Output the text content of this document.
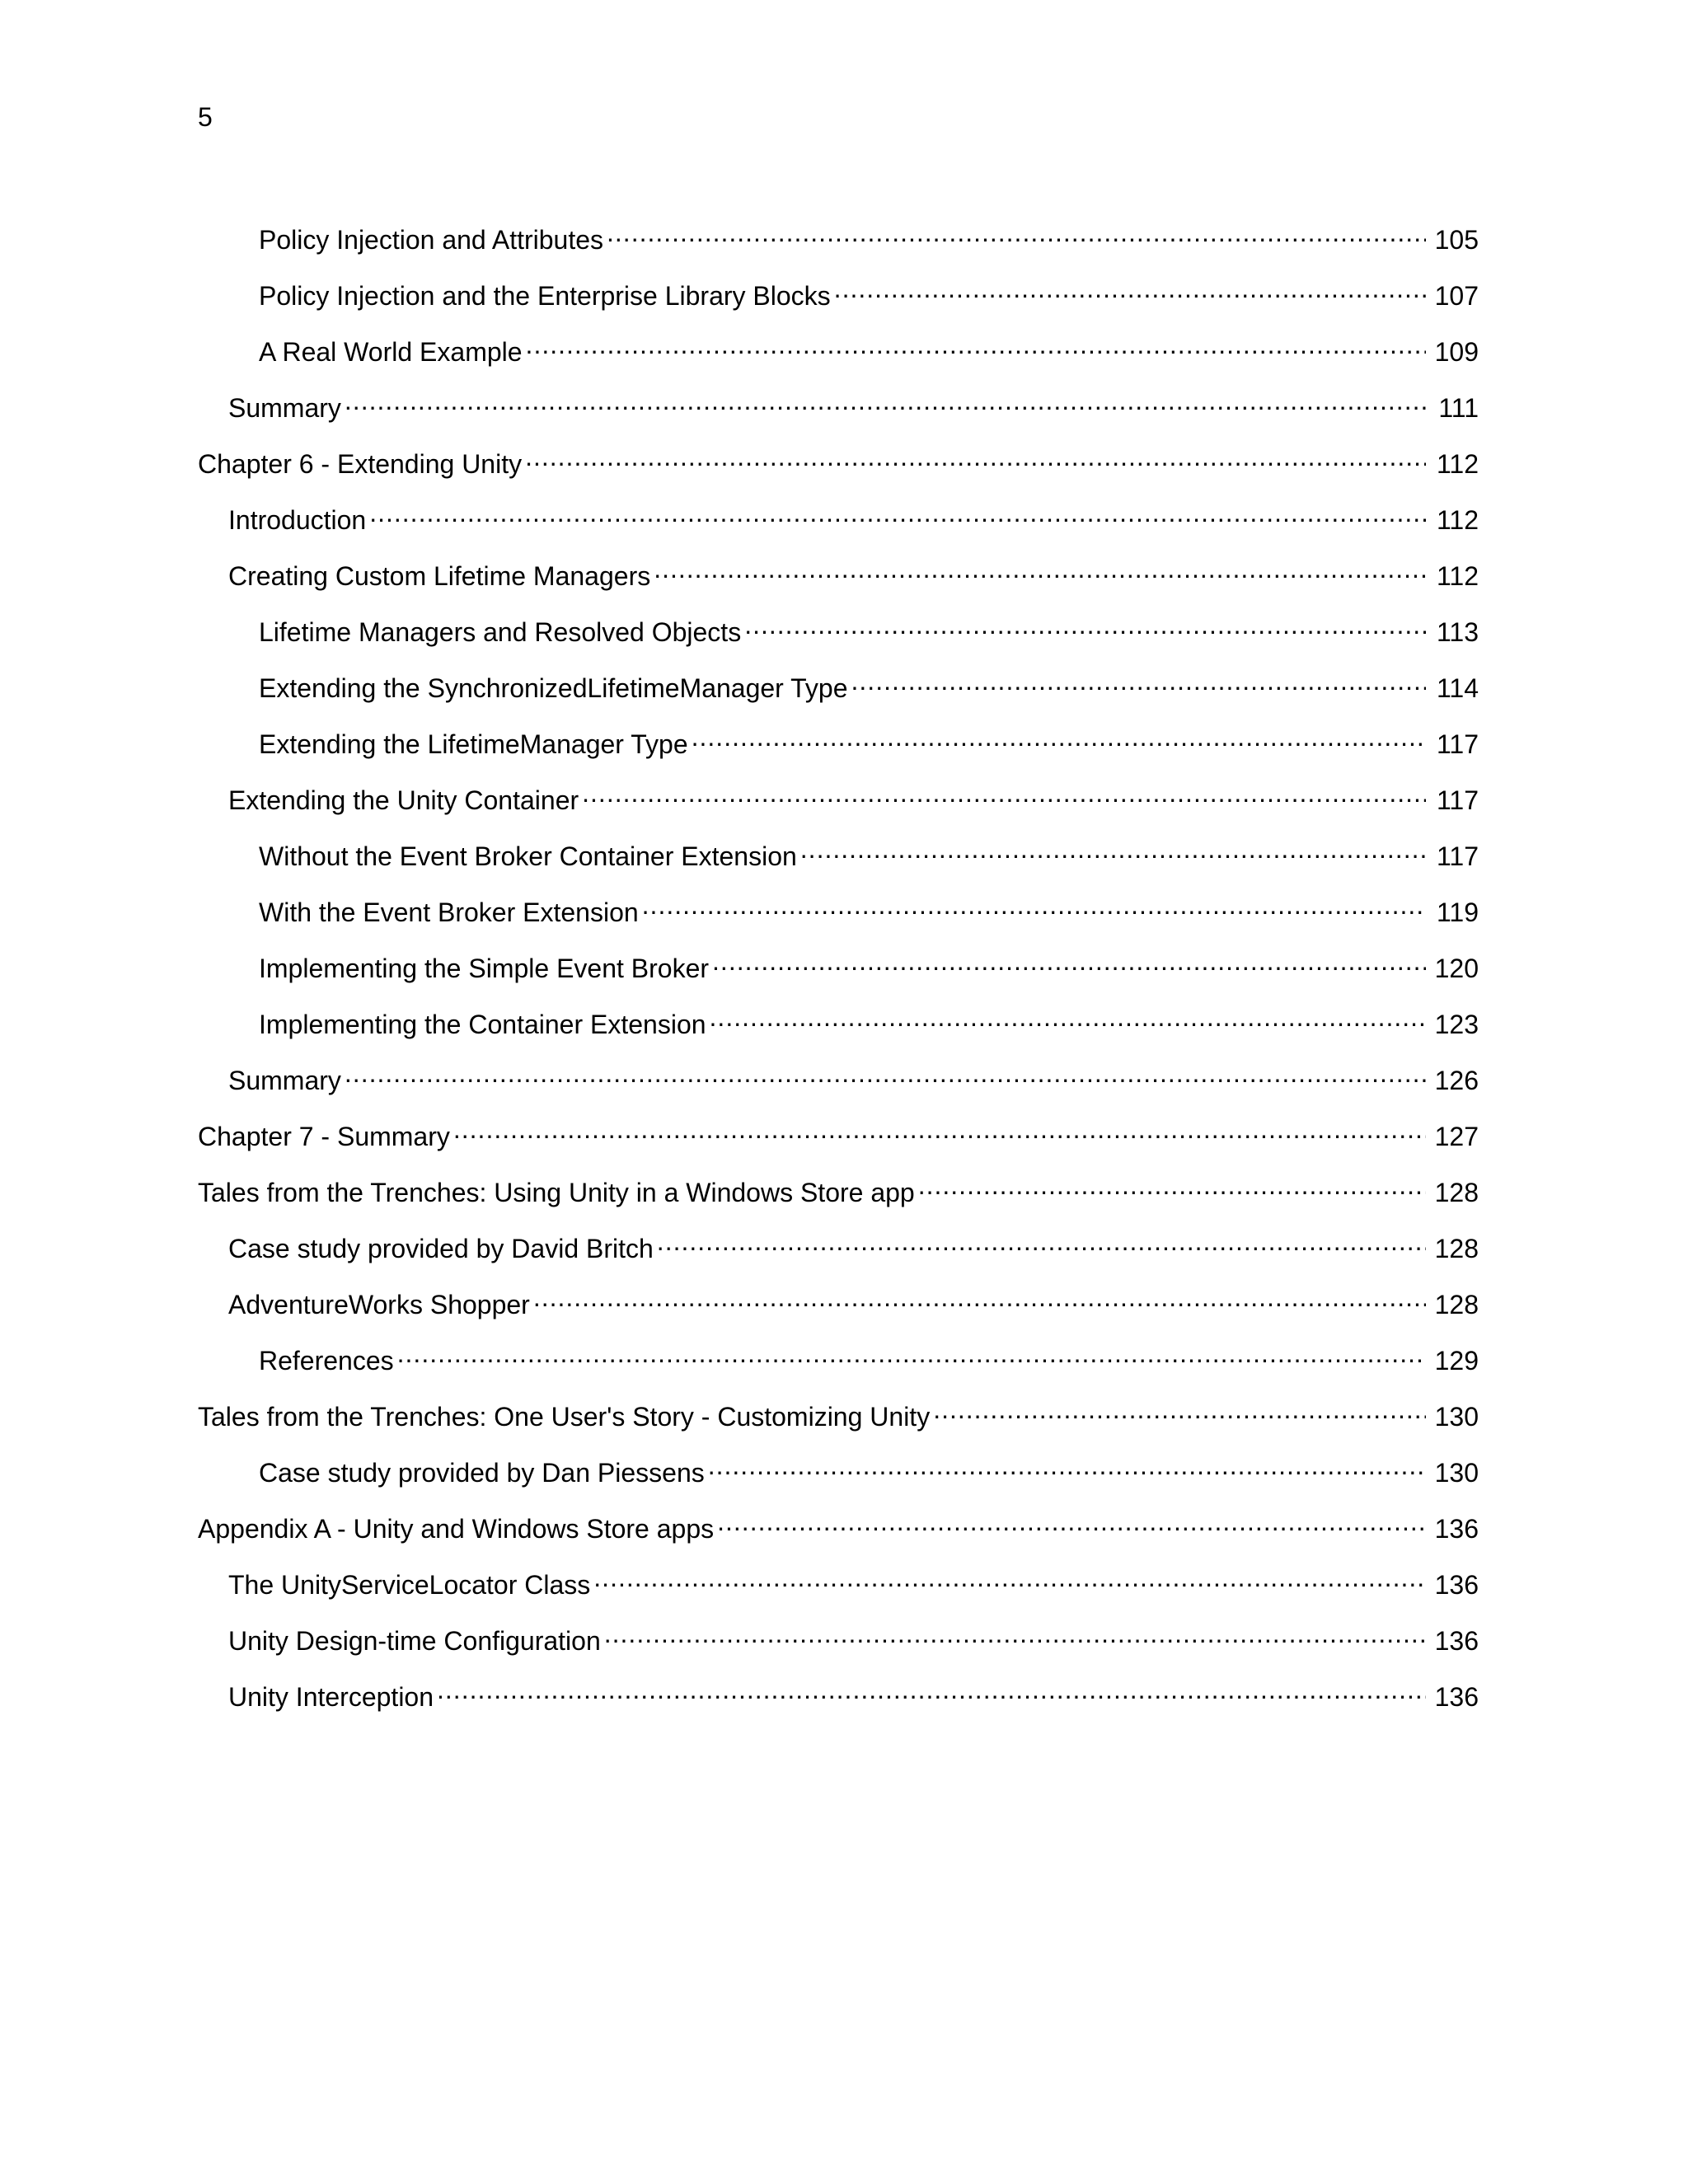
5
Policy Injection and Attributes .....	105
Policy Injection and the Enterprise Library Blocks .....	107
A Real World Example .....	109
Summary .....	111
Chapter 6 - Extending Unity .....	112
Introduction .....	112
Creating Custom Lifetime Managers .....	112
Lifetime Managers and Resolved Objects .....	113
Extending the SynchronizedLifetimeManager Type .....	114
Extending the LifetimeManager Type .....	117
Extending the Unity Container .....	117
Without the Event Broker Container Extension .....	117
With the Event Broker Extension .....	119
Implementing the Simple Event Broker .....	120
Implementing the Container Extension .....	123
Summary .....	126
Chapter 7 - Summary .....	127
Tales from the Trenches: Using Unity in a Windows Store app .....	128
Case study provided by David Britch .....	128
AdventureWorks Shopper .....	128
References .....	129
Tales from the Trenches: One User's Story - Customizing Unity .....	130
Case study provided by Dan Piessens .....	130
Appendix A - Unity and Windows Store apps .....	136
The UnityServiceLocator Class .....	136
Unity Design-time Configuration .....	136
Unity Interception .....	136
